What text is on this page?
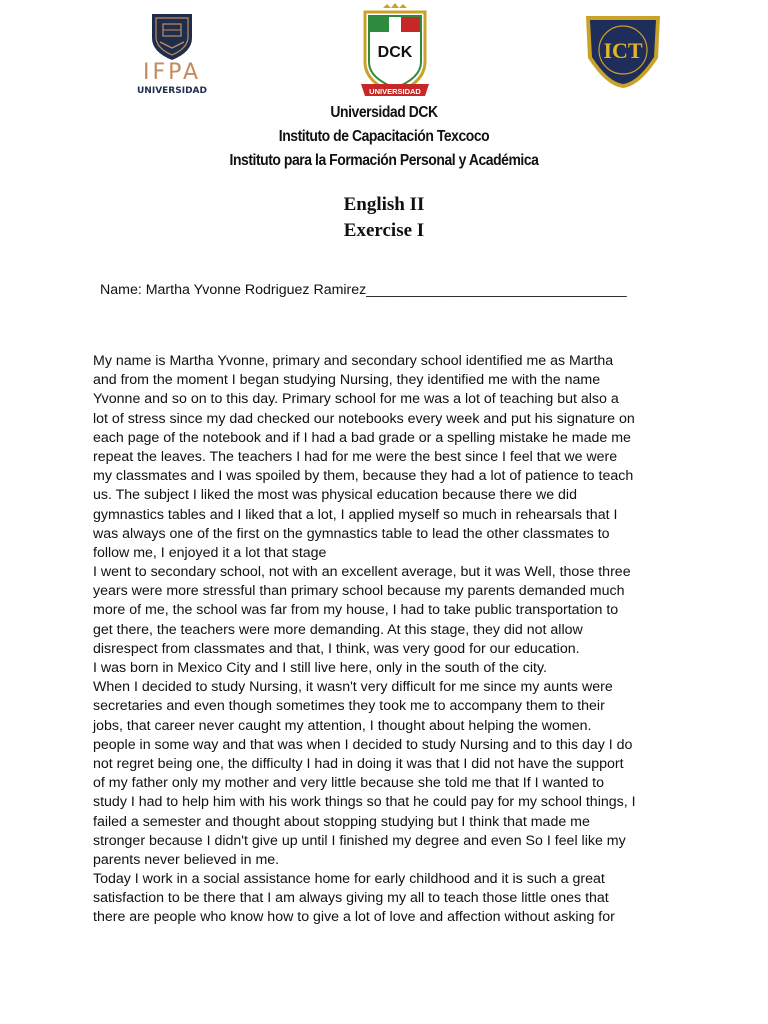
IFPA
UNIVERSIDAD
DCK
UNIVERSIDAD
ICT
Universidad DCK
Instituto de Capacitación Texcoco
Instituto para la Formación Personal y Académica
English II
Exercise I
Name: Martha Yvonne Rodriguez Ramirez_________________________________
My name is Martha Yvonne, primary and secondary school identified me as Martha
and from the moment I began studying Nursing, they identified me with the name
Yvonne and so on to this day. Primary school for me was a lot of teaching but also a
lot of stress since my dad checked our notebooks every week and put his signature on
each page of the notebook and if I had a bad grade or a spelling mistake he made me
repeat the leaves. The teachers I had for me were the best since I feel that we were
my classmates and I was spoiled by them, because they had a lot of patience to teach
us. The subject I liked the most was physical education because there we did
gymnastics tables and I liked that a lot, I applied myself so much in rehearsals that I
was always one of the first on the gymnastics table to lead the other classmates to
follow me, I enjoyed it a lot that stage
I went to secondary school, not with an excellent average, but it was Well, those three
years were more stressful than primary school because my parents demanded much
more of me, the school was far from my house, I had to take public transportation to
get there, the teachers were more demanding. At this stage, they did not allow
disrespect from classmates and that, I think, was very good for our education.
I was born in Mexico City and I still live here, only in the south of the city.
When I decided to study Nursing, it wasn't very difficult for me since my aunts were
secretaries and even though sometimes they took me to accompany them to their
jobs, that career never caught my attention, I thought about helping the women.
people in some way and that was when I decided to study Nursing and to this day I do
not regret being one, the difficulty I had in doing it was that I did not have the support
of my father only my mother and very little because she told me that If I wanted to
study I had to help him with his work things so that he could pay for my school things, I
failed a semester and thought about stopping studying but I think that made me
stronger because I didn't give up until I finished my degree and even So I feel like my
parents never believed in me.
Today I work in a social assistance home for early childhood and it is such a great
satisfaction to be there that I am always giving my all to teach those little ones that
there are people who know how to give a lot of love and affection without asking for
